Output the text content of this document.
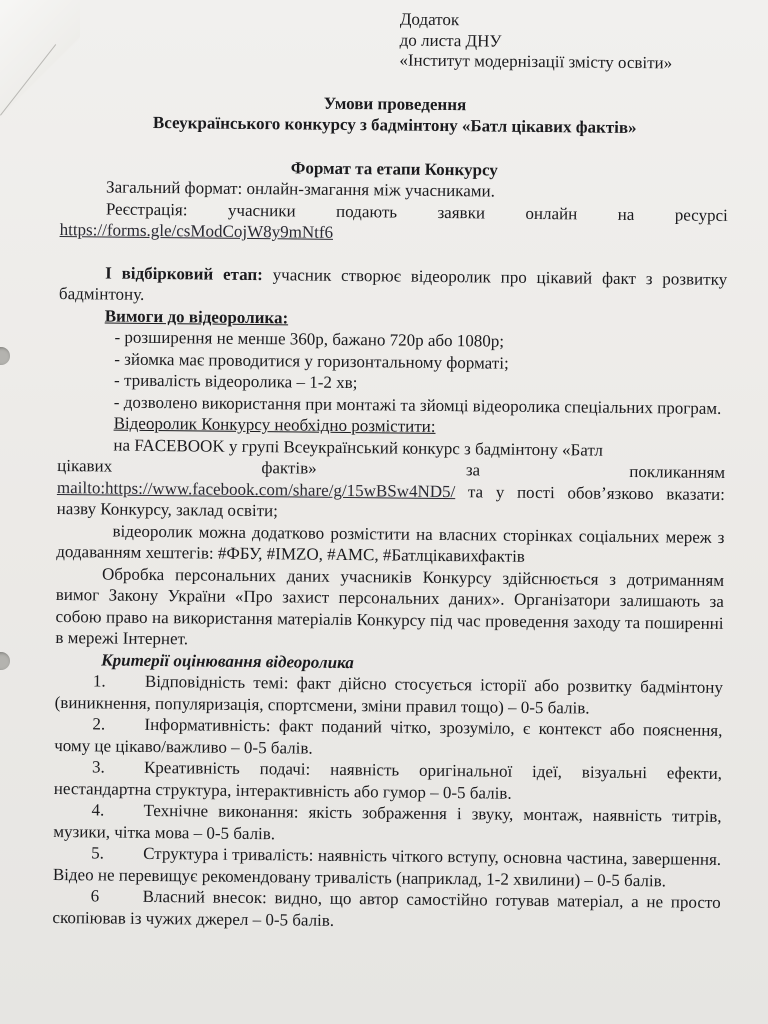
Додаток
до листа ДНУ
«Інститут модернізації змісту освіти»
Умови проведення
Всеукраїнського конкурсу з бадмінтону «Батл цікавих фактів»
Формат та етапи Конкурсу
Загальний формат: онлайн-змагання між учасниками.
Реєстрація: учасники подають заявки онлайн на ресурсі
https://forms.gle/csModCojW8y9mNtf6
І відбірковий етап: учасник створює відеоролик про цікавий факт з розвитку бадмінтону.
Вимоги до відеоролика:
- розширення не менше 360р, бажано 720р або 1080р;
- зйомка має проводитися у горизонтальному форматі;
- тривалість відеоролика – 1-2 хв;
- дозволено використання при монтажі та зйомці відеоролика спеціальних програм.
Відеоролик Конкурсу необхідно розмістити:
на FACEBOOK у групі Всеукраїнський конкурс з бадмінтону «Батл
цікавих	фактів»	за	покликанням
mailto:https://www.facebook.com/share/g/15wBSw4ND5/ та у пості обов’язково вказати: назву Конкурсу, заклад освіти;
відеоролик можна додатково розмістити на власних сторінках соціальних мереж з додаванням хештегів: #ФБУ, #IMZO, #АМС, #Батлцікавихфактів
Обробка персональних даних учасників Конкурсу здійснюється з дотриманням вимог Закону України «Про захист персональних даних». Організатори залишають за собою право на використання матеріалів Конкурсу під час проведення заходу та поширенні в мережі Інтернет.
Критерії оцінювання відеоролика
1. Відповідність темі: факт дійсно стосується історії або розвитку бадмінтону (виникнення, популяризація, спортсмени, зміни правил тощо) – 0-5 балів.
2. Інформативність: факт поданий чітко, зрозуміло, є контекст або пояснення, чому це цікаво/важливо – 0-5 балів.
3. Креативність подачі: наявність оригінальної ідеї, візуальні ефекти, нестандартна структура, інтерактивність або гумор – 0-5 балів.
4. Технічне виконання: якість зображення і звуку, монтаж, наявність титрів, музики, чітка мова – 0-5 балів.
5. Структура і тривалість: наявність чіткого вступу, основна частина, завершення. Відео не перевищує рекомендовану тривалість (наприклад, 1-2 хвилини) – 0-5 балів.
6	Власний внесок: видно, що автор самостійно готував матеріал, а не просто скопіював із чужих джерел – 0-5 балів.
